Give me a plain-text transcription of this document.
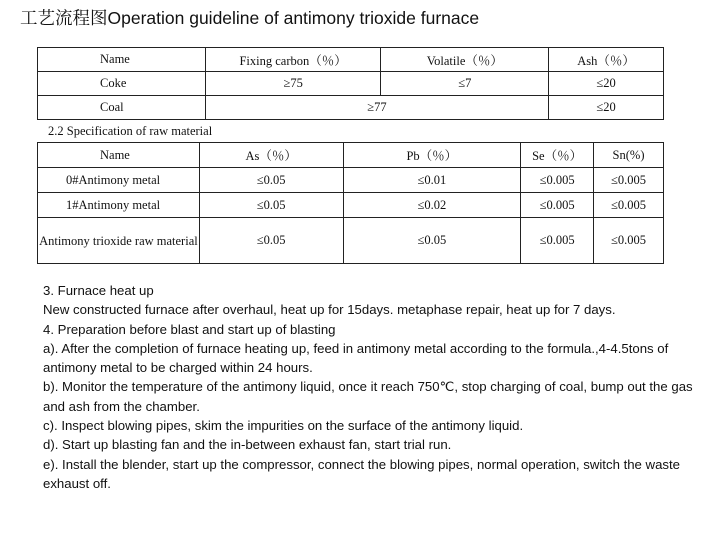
工艺流程图Operation guideline of antimony trioxide furnace
Name	Fixing carbon（％）	Volatile（％）	Ash（％）
Coke	≥75	≤7	≤20
Coal	≥77		≤20
2.2 Specification of raw material
Name	As（％）	Pb（％）	Se（％）	Sn(%)
0#Antimony metal	≤0.05	≤0.01	≤0.005	≤0.005
1#Antimony metal	≤0.05	≤0.02	≤0.005	≤0.005
Antimony trioxide raw material	≤0.05	≤0.05	≤0.005	≤0.005

3. Furnace heat up

New constructed furnace after overhaul, heat up for 15days. metaphase repair, heat up for 7 days.

4. Preparation before blast and start up of blasting

a). After the completion of furnace heating up, feed in antimony metal according to the formula.,4-4.5tons of antimony metal to be charged within 24 hours.

b). Monitor the temperature of the antimony liquid, once it reach 750℃, stop charging of coal, bump out the gas and ash from the chamber.

c). Inspect blowing pipes, skim the impurities on the surface of the antimony liquid.

d). Start up blasting fan and the in-between exhaust fan, start trial run.

e). Install the blender, start up the compressor, connect the blowing pipes, normal operation, switch the waste exhaust off.
